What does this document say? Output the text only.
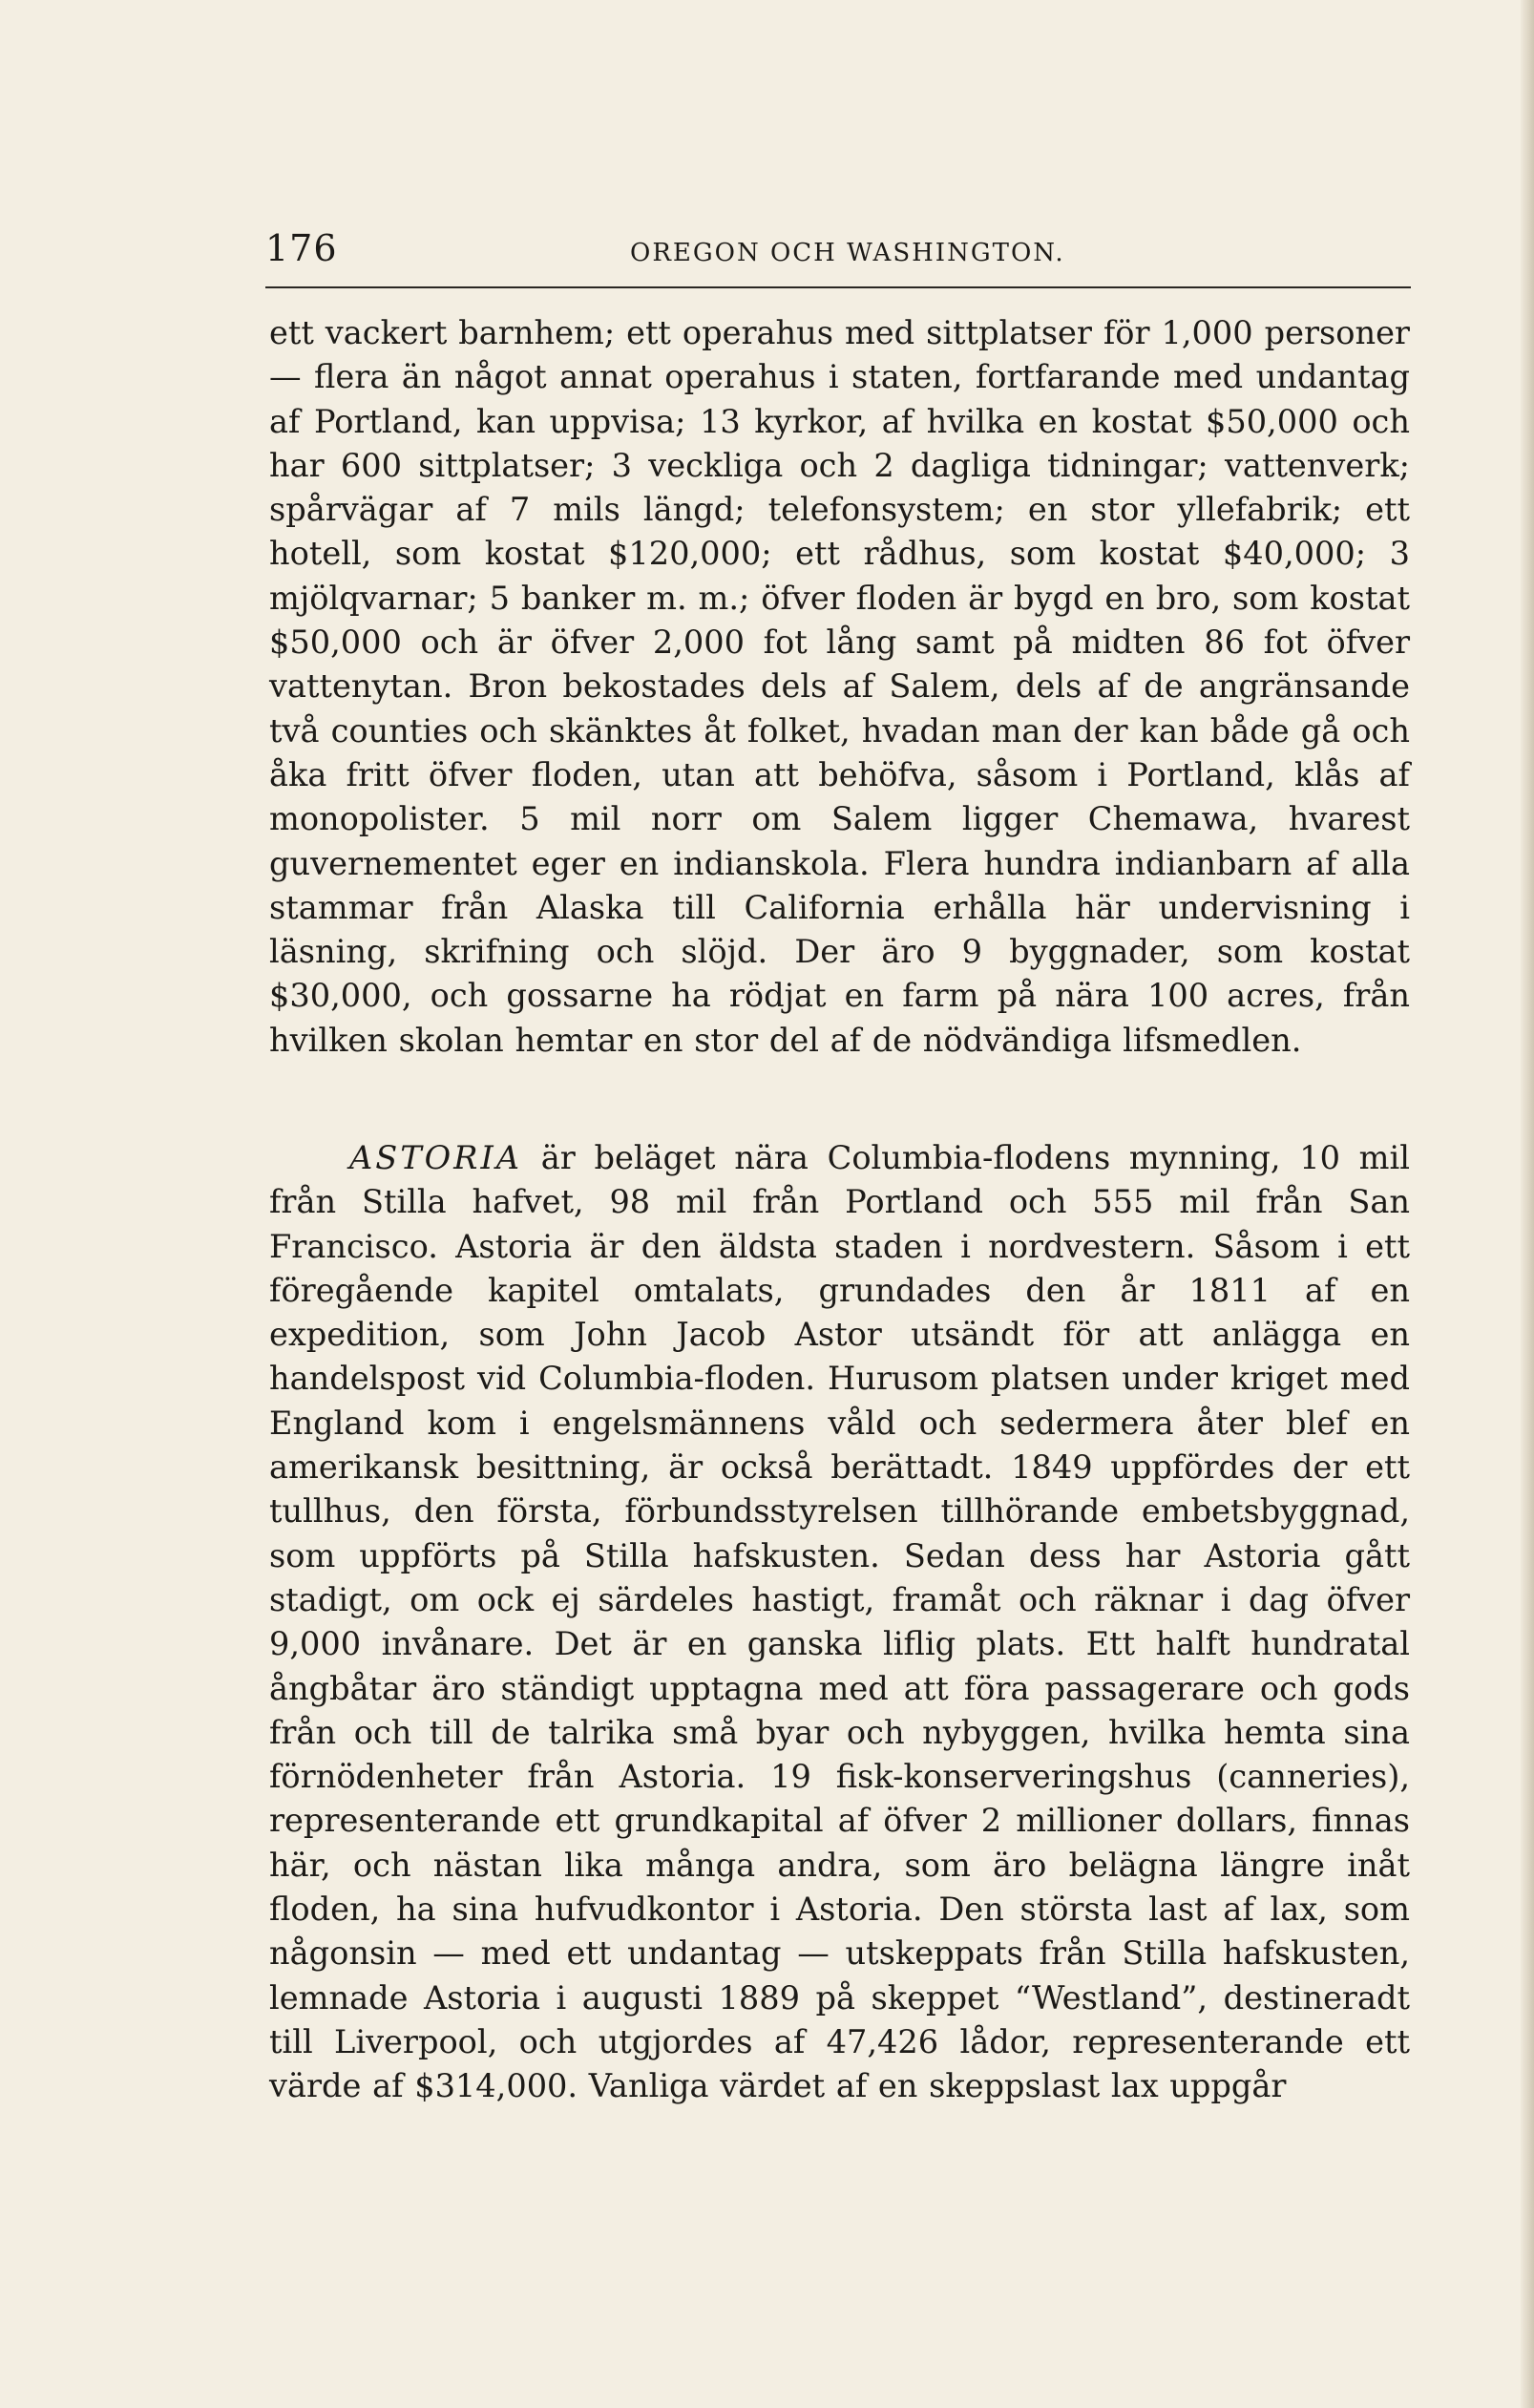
176	OREGON OCH WASHINGTON.

ett vackert barnhem; ett operahus med sittplatser för 1,000 personer — flera än något annat operahus i staten, fortfarande med undantag af Portland, kan uppvisa; 13 kyrkor, af hvilka en kostat $50,000 och har 600 sittplatser; 3 veckliga och 2 dagliga tidningar; vattenverk; spårvägar af 7 mils längd; telefonsystem; en stor yllefabrik; ett hotell, som kostat $120,000; ett rådhus, som kostat $40,000; 3 mjölqvarnar; 5 banker m. m.; öfver floden är bygd en bro, som kostat $50,000 och är öfver 2,000 fot lång samt på midten 86 fot öfver vattenytan. Bron bekostades dels af Salem, dels af de angränsande två counties och skänktes åt folket, hvadan man der kan både gå och åka fritt öfver floden, utan att behöfva, såsom i Portland, klås af monopolister. 5 mil norr om Salem ligger Chemawa, hvarest guvernementet eger en indianskola. Flera hundra indianbarn af alla stammar från Alaska till California erhålla här undervisning i läsning, skrifning och slöjd. Der äro 9 byggnader, som kostat $30,000, och gossarne ha rödjat en farm på nära 100 acres, från hvilken skolan hemtar en stor del af de nödvändiga lifsmedlen.

ASTORIA är beläget nära Columbia-flodens mynning, 10 mil från Stilla hafvet, 98 mil från Portland och 555 mil från San Francisco. Astoria är den äldsta staden i nordvestern. Såsom i ett föregående kapitel omtalats, grundades den år 1811 af en expedition, som John Jacob Astor utsändt för att anlägga en handelspost vid Columbia-floden. Hurusom platsen under kriget med England kom i engelsmännens våld och sedermera åter blef en amerikansk besittning, är också berättadt. 1849 uppfördes der ett tullhus, den första, förbundsstyrelsen tillhörande embetsbyggnad, som uppförts på Stilla hafskusten. Sedan dess har Astoria gått stadigt, om ock ej särdeles hastigt, framåt och räknar i dag öfver 9,000 invånare. Det är en ganska liflig plats. Ett halft hundratal ångbåtar äro ständigt upptagna med att föra passagerare och gods från och till de talrika små byar och nybyggen, hvilka hemta sina förnödenheter från Astoria. 19 fisk-konserveringshus (canneries), representerande ett grundkapital af öfver 2 millioner dollars, finnas här, och nästan lika många andra, som äro belägna längre inåt floden, ha sina hufvudkontor i Astoria. Den största last af lax, som någonsin — med ett undantag — utskeppats från Stilla hafskusten, lemnade Astoria i augusti 1889 på skeppet “Westland”, destineradt till Liverpool, och utgjordes af 47,426 lådor, representerande ett värde af $314,000. Vanliga värdet af en skeppslast lax uppgår
